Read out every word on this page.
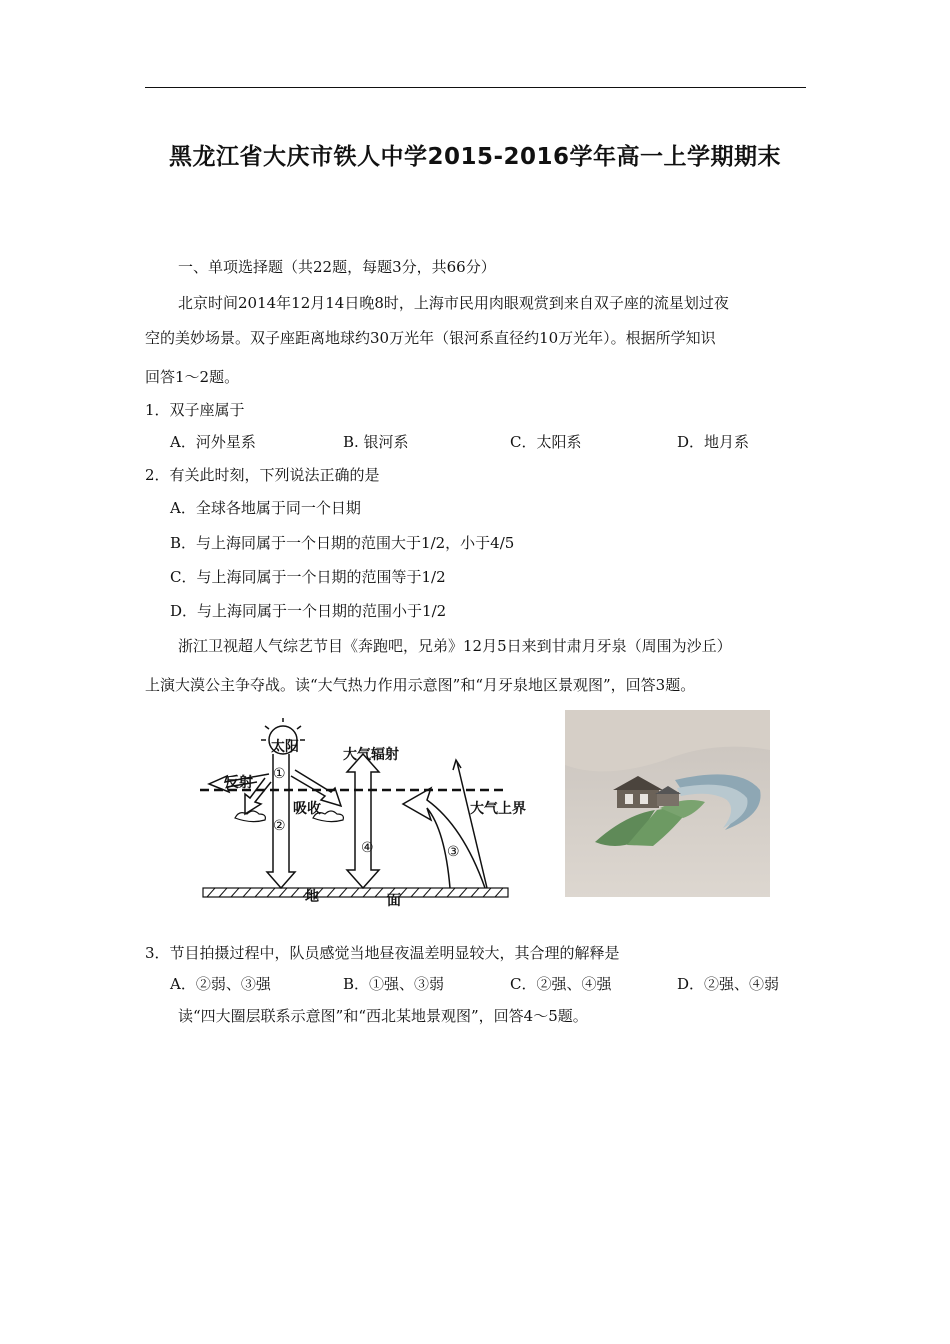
黑龙江省大庆市铁人中学2015-2016学年高一上学期期末
一、单项选择题（共22题，每题3分，共66分）
北京时间2014年12月14日晚8时，上海市民用肉眼观赏到来自双子座的流星划过夜
空的美妙场景。双子座距离地球约30万光年（银河系直径约10万光年）。根据所学知识
回答1～2题。
1．双子座属于
A．河外星系	B. 银河系	C．太阳系	D．地月系
2．有关此时刻，下列说法正确的是
A．全球各地属于同一个日期
B．与上海同属于一个日期的范围大于1/2，小于4/5
C．与上海同属于一个日期的范围等于1/2
D．与上海同属于一个日期的范围小于1/2
浙江卫视超人气综艺节目《奔跑吧，兄弟》12月5日来到甘肃月牙泉（周围为沙丘）
上演大漠公主争夺战。读“大气热力作用示意图”和“月牙泉地区景观图”，回答3题。
太阳	大气辐射
反射
吸收	大气上界
地	面
①
②
③
④
3．节目拍摄过程中，队员感觉当地昼夜温差明显较大，其合理的解释是
A．②弱、③强	B．①强、③弱	C．②强、④强	D．②强、④弱
读“四大圈层联系示意图”和“西北某地景观图”，回答4～5题。
